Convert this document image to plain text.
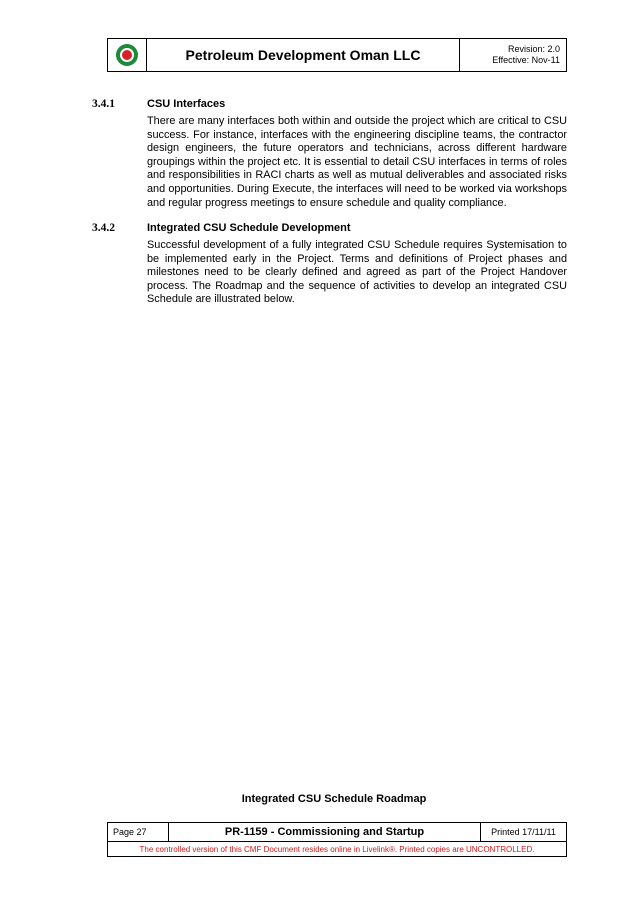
Petroleum Development Oman LLC	Revision: 2.0
Effective: Nov-11
3.4.1	CSU Interfaces
There are many interfaces both within and outside the project which are critical to CSU success. For instance, interfaces with the engineering discipline teams, the contractor design engineers, the future operators and technicians, across different hardware groupings within the project etc. It is essential to detail CSU interfaces in terms of roles and responsibilities in RACI charts as well as mutual deliverables and associated risks and opportunities. During Execute, the interfaces will need to be worked via workshops and regular progress meetings to ensure schedule and quality compliance.
3.4.2	Integrated CSU Schedule Development
Successful development of a fully integrated CSU Schedule requires Systemisation to be implemented early in the Project. Terms and definitions of Project phases and milestones need to be clearly defined and agreed as part of the Project Handover process. The Roadmap and the sequence of activities to develop an integrated CSU Schedule are illustrated below.
Integrated CSU Schedule Roadmap
Page 27	PR-1159 - Commissioning and Startup	Printed 17/11/11
The controlled version of this CMF Document resides online in Livelink®. Printed copies are UNCONTROLLED.
